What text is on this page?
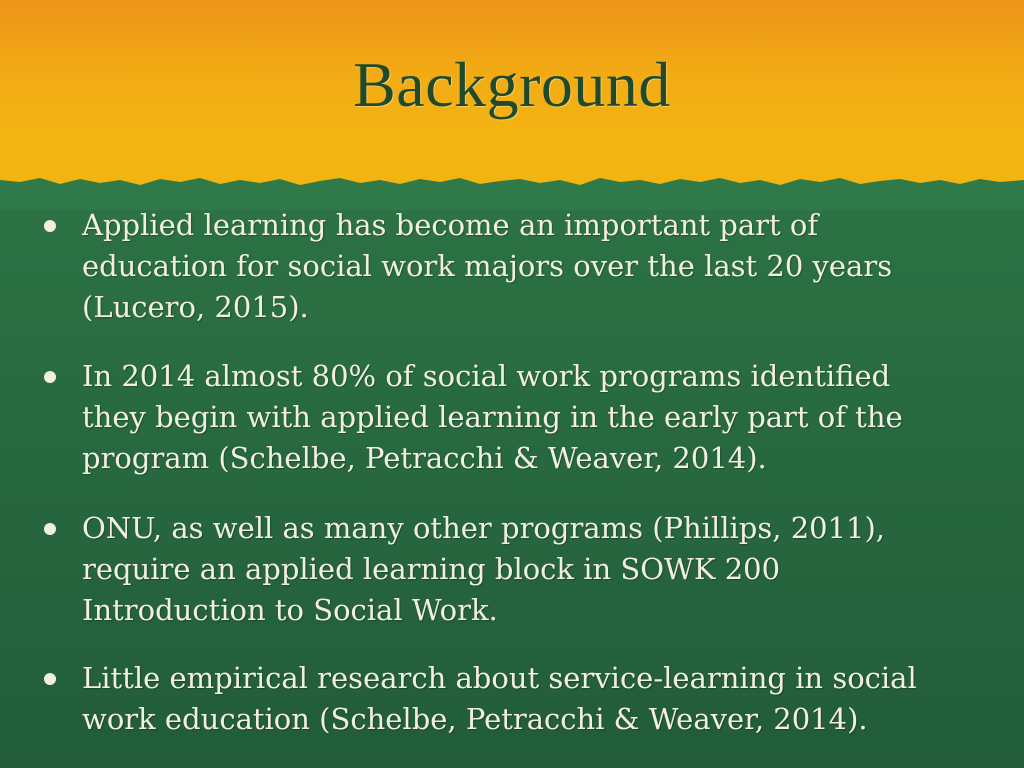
Background
Applied learning has become an important part of education for social work majors over the last 20 years (Lucero, 2015).
In 2014 almost 80% of social work programs identified they begin with applied learning in the early part of the program (Schelbe, Petracchi & Weaver, 2014).
ONU, as well as many other programs (Phillips, 2011), require an applied learning block in SOWK 200 Introduction to Social Work.
Little empirical research about service-learning in social work education (Schelbe, Petracchi & Weaver, 2014).
